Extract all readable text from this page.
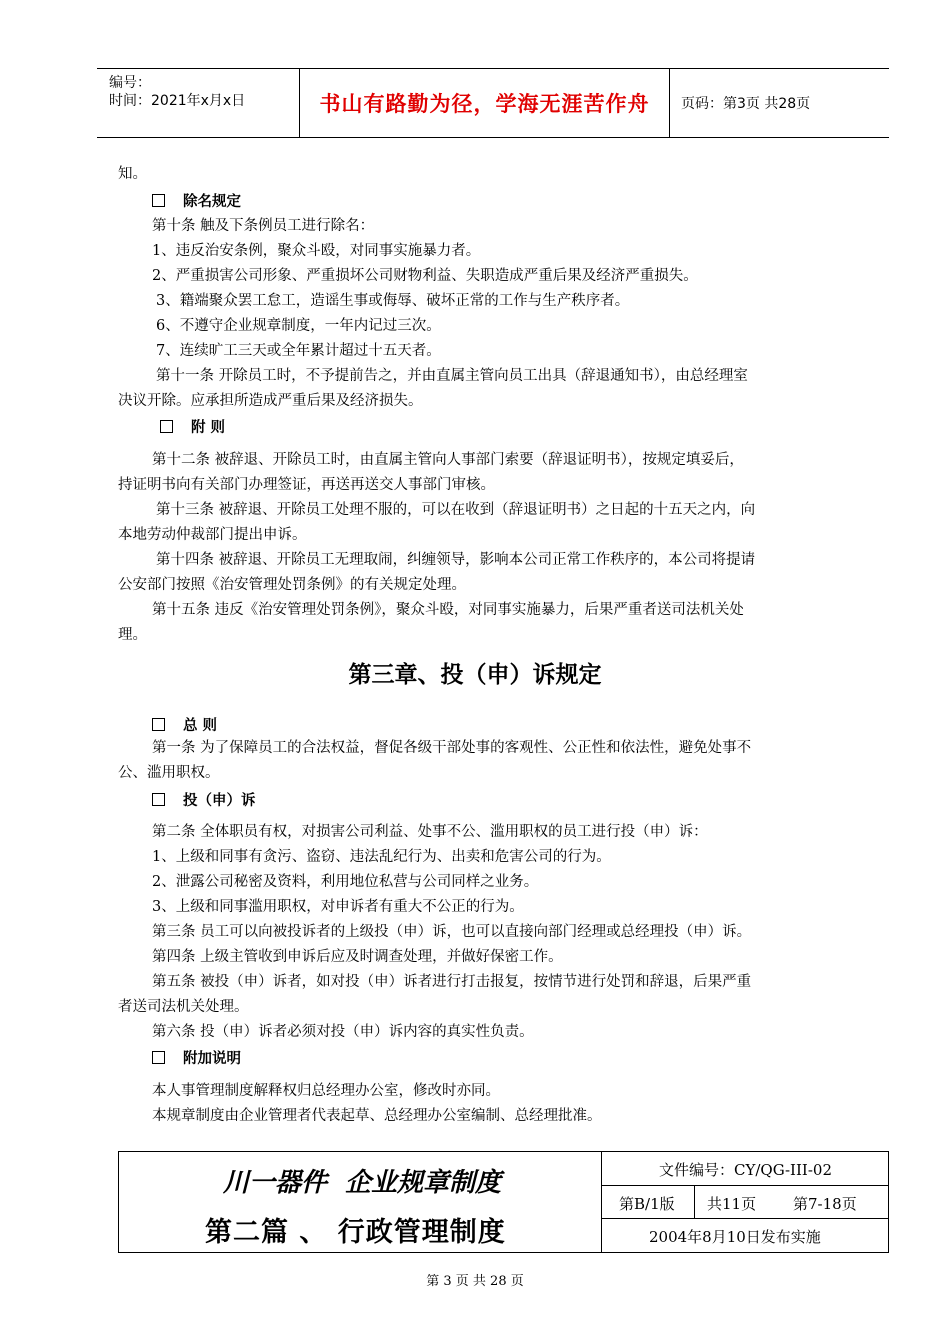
编号：
时间：2021年x月x日	书山有路勤为径，学海无涯苦作舟	页码：第3页 共28页
知。
除名规定
第十条 触及下条例员工进行除名：
1、违反治安条例，聚众斗殴，对同事实施暴力者。
2、严重损害公司形象、严重损坏公司财物利益、失职造成严重后果及经济严重损失。
3、籍端聚众罢工怠工，造谣生事或侮辱、破坏正常的工作与生产秩序者。
6、不遵守企业规章制度，一年内记过三次。
7、连续旷工三天或全年累计超过十五天者。
第十一条 开除员工时，不予提前告之，并由直属主管向员工出具（辞退通知书），由总经理室
决议开除。应承担所造成严重后果及经济损失。
附 则
第十二条 被辞退、开除员工时，由直属主管向人事部门索要（辞退证明书），按规定填妥后，
持证明书向有关部门办理签证，再送再送交人事部门审核。
第十三条 被辞退、开除员工处理不服的，可以在收到（辞退证明书）之日起的十五天之内，向
本地劳动仲裁部门提出申诉。
第十四条 被辞退、开除员工无理取闹，纠缠领导，影响本公司正常工作秩序的，本公司将提请
公安部门按照《治安管理处罚条例》的有关规定处理。
第十五条 违反《治安管理处罚条例》，聚众斗殴，对同事实施暴力，后果严重者送司法机关处
理。
第三章、投（申）诉规定
总 则
第一条 为了保障员工的合法权益，督促各级干部处事的客观性、公正性和依法性，避免处事不
公、滥用职权。
投（申）诉
第二条 全体职员有权，对损害公司利益、处事不公、滥用职权的员工进行投（申）诉：
1、上级和同事有贪污、盗窃、违法乱纪行为、出卖和危害公司的行为。
2、泄露公司秘密及资料，利用地位私营与公司同样之业务。
3、上级和同事滥用职权，对申诉者有重大不公正的行为。
第三条 员工可以向被投诉者的上级投（申）诉，也可以直接向部门经理或总经理投（申）诉。
第四条 上级主管收到申诉后应及时调查处理，并做好保密工作。
第五条 被投（申）诉者，如对投（申）诉者进行打击报复，按情节进行处罚和辞退，后果严重
者送司法机关处理。
第六条 投（申）诉者必须对投（申）诉内容的真实性负责。
附加说明
本人事管理制度解释权归总经理办公室，修改时亦同。
本规章制度由企业管理者代表起草、总经理办公室编制、总经理批准。
川一器件 企业规章制度
第二篇 、 行政管理制度
文件编号：CY/QG-III-02
第B/1版 共11页 第7-18页
2004年8月10日发布实施
第 3 页 共 28 页
